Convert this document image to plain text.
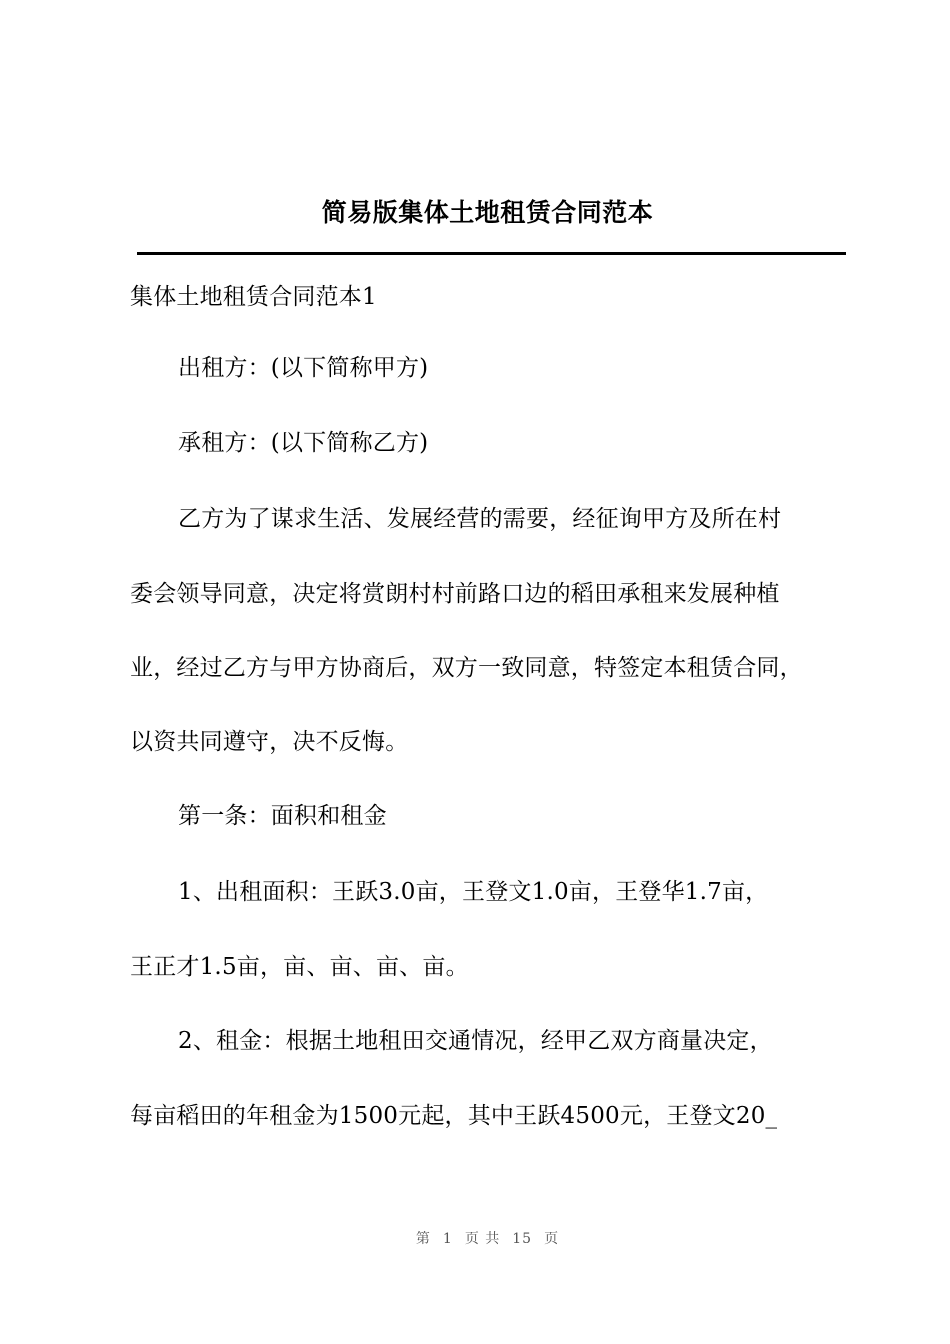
简易版集体土地租赁合同范本
集体土地租赁合同范本1
出租方：(以下简称甲方)
承租方：(以下简称乙方)
乙方为了谋求生活、发展经营的需要，经征询甲方及所在村
委会领导同意，决定将赏朗村村前路口边的稻田承租来发展种植
业，经过乙方与甲方协商后，双方一致同意，特签定本租赁合同，
以资共同遵守，决不反悔。
第一条：面积和租金
1、出租面积：王跃3.0亩，王登文1.0亩，王登华1.7亩，
王正才1.5亩，亩、亩、亩、亩。
2、租金：根据土地租田交通情况，经甲乙双方商量决定，
每亩稻田的年租金为1500元起，其中王跃4500元，王登文20_
第 1 页 共 15 页
